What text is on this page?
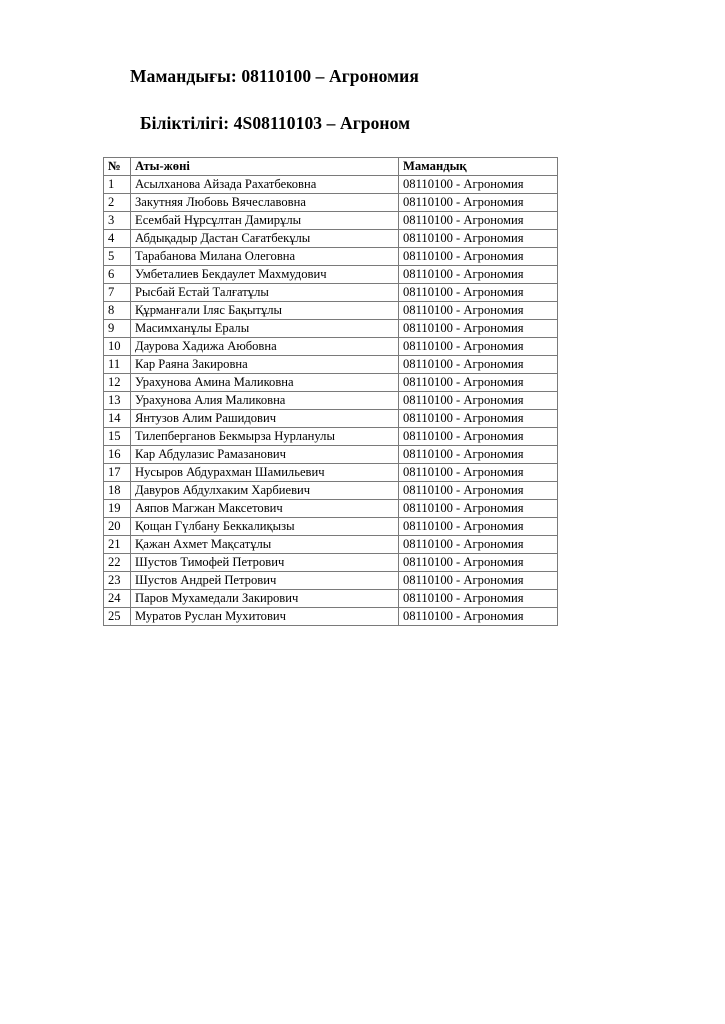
Мамандығы: 08110100 – Агрономия
Біліктілігі: 4S08110103 – Агроном
№	Аты-жөні	Мамандық
1	Асылханова Айзада Рахатбековна	08110100 - Агрономия
2	Закутняя Любовь Вячеславовна	08110100 - Агрономия
3	Есембай Нұрсұлтан Дамирұлы	08110100 - Агрономия
4	Абдықадыр Дастан Сағатбекұлы	08110100 - Агрономия
5	Тарабанова Милана Олеговна	08110100 - Агрономия
6	Умбеталиев Бекдаулет Махмудович	08110100 - Агрономия
7	Рысбай Естай Талғатұлы	08110100 - Агрономия
8	Құрманғали Іляс Бақытұлы	08110100 - Агрономия
9	Масимханұлы Ералы	08110100 - Агрономия
10	Даурова Хадижа Аюбовна	08110100 - Агрономия
11	Кар Раяна Закировна	08110100 - Агрономия
12	Урахунова Амина Маликовна	08110100 - Агрономия
13	Урахунова Алия Маликовна	08110100 - Агрономия
14	Янтузов Алим Рашидович	08110100 - Агрономия
15	Тилепберганов Бекмырза Нурланулы	08110100 - Агрономия
16	Кар Абдулазис Рамазанович	08110100 - Агрономия
17	Нусыров Абдурахман Шамильевич	08110100 - Агрономия
18	Давуров Абдулхаким Харбиевич	08110100 - Агрономия
19	Аяпов Магжан Максетович	08110100 - Агрономия
20	Қощан Гүлбану Беккалиқызы	08110100 - Агрономия
21	Қажан Ахмет Мақсатұлы	08110100 - Агрономия
22	Шустов Тимофей Петрович	08110100 - Агрономия
23	Шустов Андрей Петрович	08110100 - Агрономия
24	Паров Мухамедали Закирович	08110100 - Агрономия
25	Муратов Руслан Мухитович	08110100 - Агрономия
